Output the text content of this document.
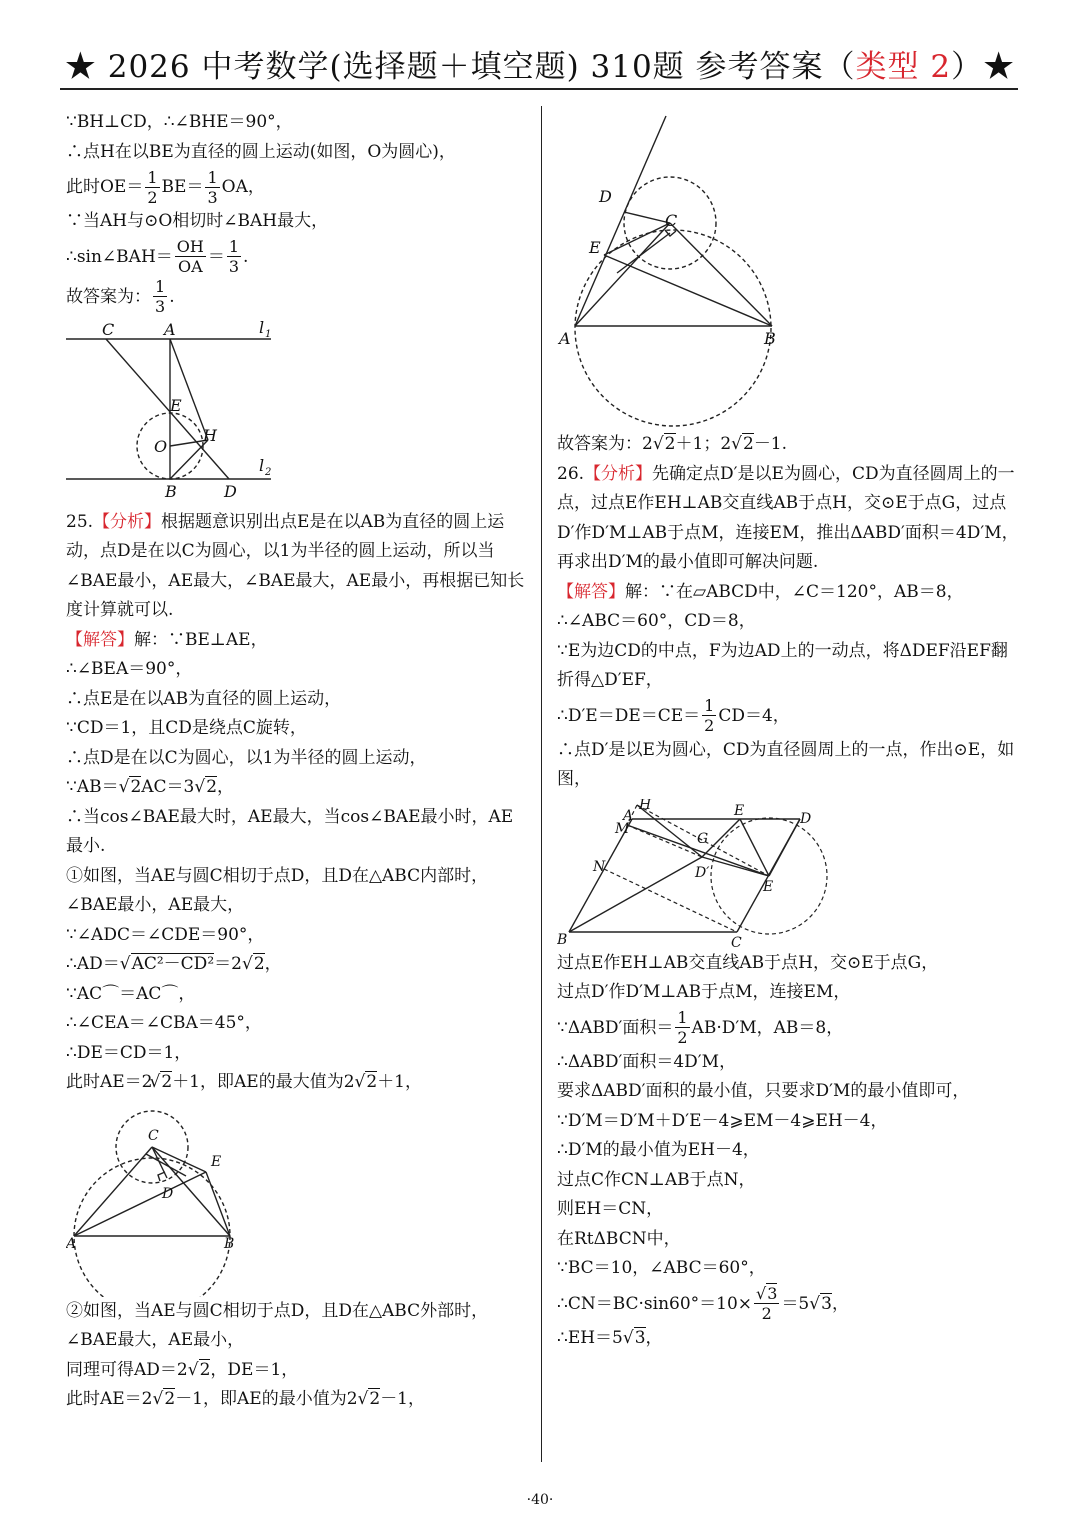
★ 2026 中考数学(选择题＋填空题) 310题 参考答案（类型 2）★
∵BH⊥CD，∴∠BHE＝90°，
∴点H在以BE为直径的圆上运动(如图，O为圆心)，
此时$OE= \frac{1}{2} BE= \frac{1}{3}$ OA，
∵当AH与⊙O相切时∠BAH最大，
∴sin∠BAH＝ $\frac{OH}{OA} = \frac{1}{3}$ .
故答案为： $\frac{1}{3}$ .
C	A	l 1
E
O
H
l 2
B	D
25.【分析】根据题意识别出点E是在以AB为直径的圆上运动，点D是在以C为圆心，以1为半径的圆上运动，所以当∠BAE最小，AE最大，∠BAE最大，AE最小，再根据已知长度计算就可以.
【解答】解：∵BE⊥AE，
∴∠BEA＝90°，
∴点E是在以AB为直径的圆上运动，
∵CD＝1，且CD是绕点C旋转，
∴点D是在以C为圆心，以1为半径的圆上运动，
∵AB＝√2AC＝3√2，
∴当cos∠BAE最大时，AE最大，当cos∠BAE最小时，AE最小.
①如图，当AE与圆C相切于点D，且D在△ABC内部时，∠BAE最小，AE最大，
∵∠ADC＝∠CDE＝90°，
∴AD＝√AC²－CD²＝2√2，
∵AC⌒＝AC⌒，
∴∠CEA＝∠CBA＝45°，
∴DE＝CD＝1，
此时AE＝2√2＋1，即AE的最大值为2√2＋1，
C
E
D
A	B
②如图，当AE与圆C相切于点D，且D在△ABC外部时，∠BAE最大，AE最小，
同理可得AD＝2√2，DE＝1，
此时AE＝2√2－1，即AE的最小值为2√2－1，
D
C
E
A	B
故答案为：2√2＋1；2√2－1.
26.【分析】先确定点D′是以E为圆心，CD为直径圆周上的一点，过点E作EH⊥AB交直线AB于点H，交⊙E于点G，过点D′作D′M⊥AB于点M，连接EM，推出ΔABD′面积＝4D′M，再求出D′M的最小值即可解决问题.
【解答】解：∵在▱ABCD中，∠C＝120°，AB＝8，
∴∠ABC＝60°，CD＝8，
∵E为边CD的中点，F为边AD上的一动点，将ΔDEF沿EF翻折得△D′EF，
∴D′E＝DE＝CE＝ $\frac{1}{2} CD=4$，
∴点D′是以E为圆心，CD为直径圆周上的一点，作出⊙E，如图，
H
A
M
E	D
G
N	D′
E
B	C
过点E作EH⊥AB交直线AB于点H，交⊙E于点G，
过点D′作D′M⊥AB于点M，连接EM，
∵ΔABD′面积＝ $\frac{1}{2} AB\cdot D'M$，AB＝8，
∴ΔABD′面积＝4D′M，
要求ΔABD′面积的最小值，只要求D′M的最小值即可，
∵D′M＝D′M＋D′E－4⩾EM－4⩾EH－4，
∴D′M的最小值为EH－4，
过点C作CN⊥AB于点N，
则EH＝CN，
在RtΔBCN中，
∵BC＝10，∠ABC＝60°，
∴CN＝BC·sin60°＝10× $\frac{√3}{2} =5√3$，
∴EH＝5√3，
·40·
